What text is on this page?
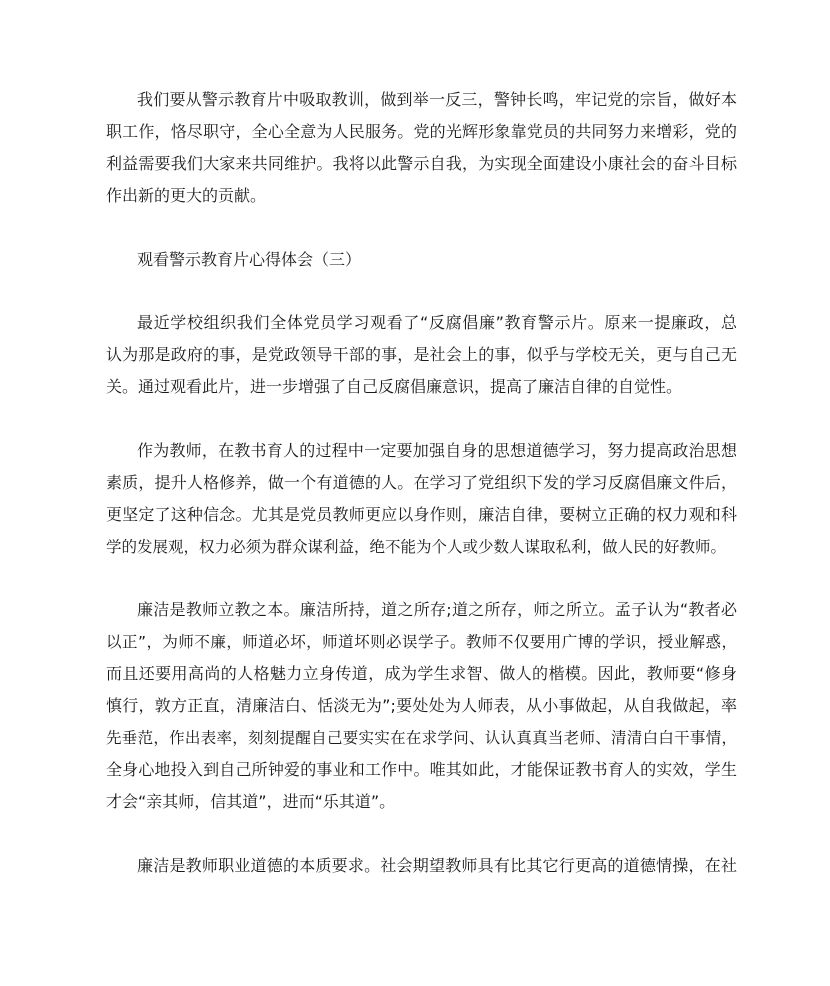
我们要从警示教育片中吸取教训，做到举一反三，警钟长鸣，牢记党的宗旨，做好本
职工作，恪尽职守，全心全意为人民服务。党的光辉形象靠党员的共同努力来增彩，党的
利益需要我们大家来共同维护。我将以此警示自我，为实现全面建设小康社会的奋斗目标
作出新的更大的贡献。
观看警示教育片心得体会（三）
最近学校组织我们全体党员学习观看了“反腐倡廉”教育警示片。原来一提廉政，总
认为那是政府的事，是党政领导干部的事，是社会上的事，似乎与学校无关，更与自己无
关。通过观看此片，进一步增强了自己反腐倡廉意识，提高了廉洁自律的自觉性。
作为教师，在教书育人的过程中一定要加强自身的思想道德学习，努力提高政治思想
素质，提升人格修养，做一个有道德的人。在学习了党组织下发的学习反腐倡廉文件后，
更坚定了这种信念。尤其是党员教师更应以身作则，廉洁自律，要树立正确的权力观和科
学的发展观，权力必须为群众谋利益，绝不能为个人或少数人谋取私利，做人民的好教师。
廉洁是教师立教之本。廉洁所持，道之所存;道之所存，师之所立。孟子认为“教者必
以正”，为师不廉，师道必坏，师道坏则必误学子。教师不仅要用广博的学识，授业解惑，
而且还要用高尚的人格魅力立身传道，成为学生求智、做人的楷模。因此，教师要“修身
慎行，敦方正直，清廉洁白、恬淡无为”;要处处为人师表，从小事做起，从自我做起，率
先垂范，作出表率，刻刻提醒自己要实实在在求学问、认认真真当老师、清清白白干事情，
全身心地投入到自己所钟爱的事业和工作中。唯其如此，才能保证教书育人的实效，学生
才会“亲其师，信其道”，进而“乐其道”。
廉洁是教师职业道德的本质要求。社会期望教师具有比其它行更高的道德情操，在社
